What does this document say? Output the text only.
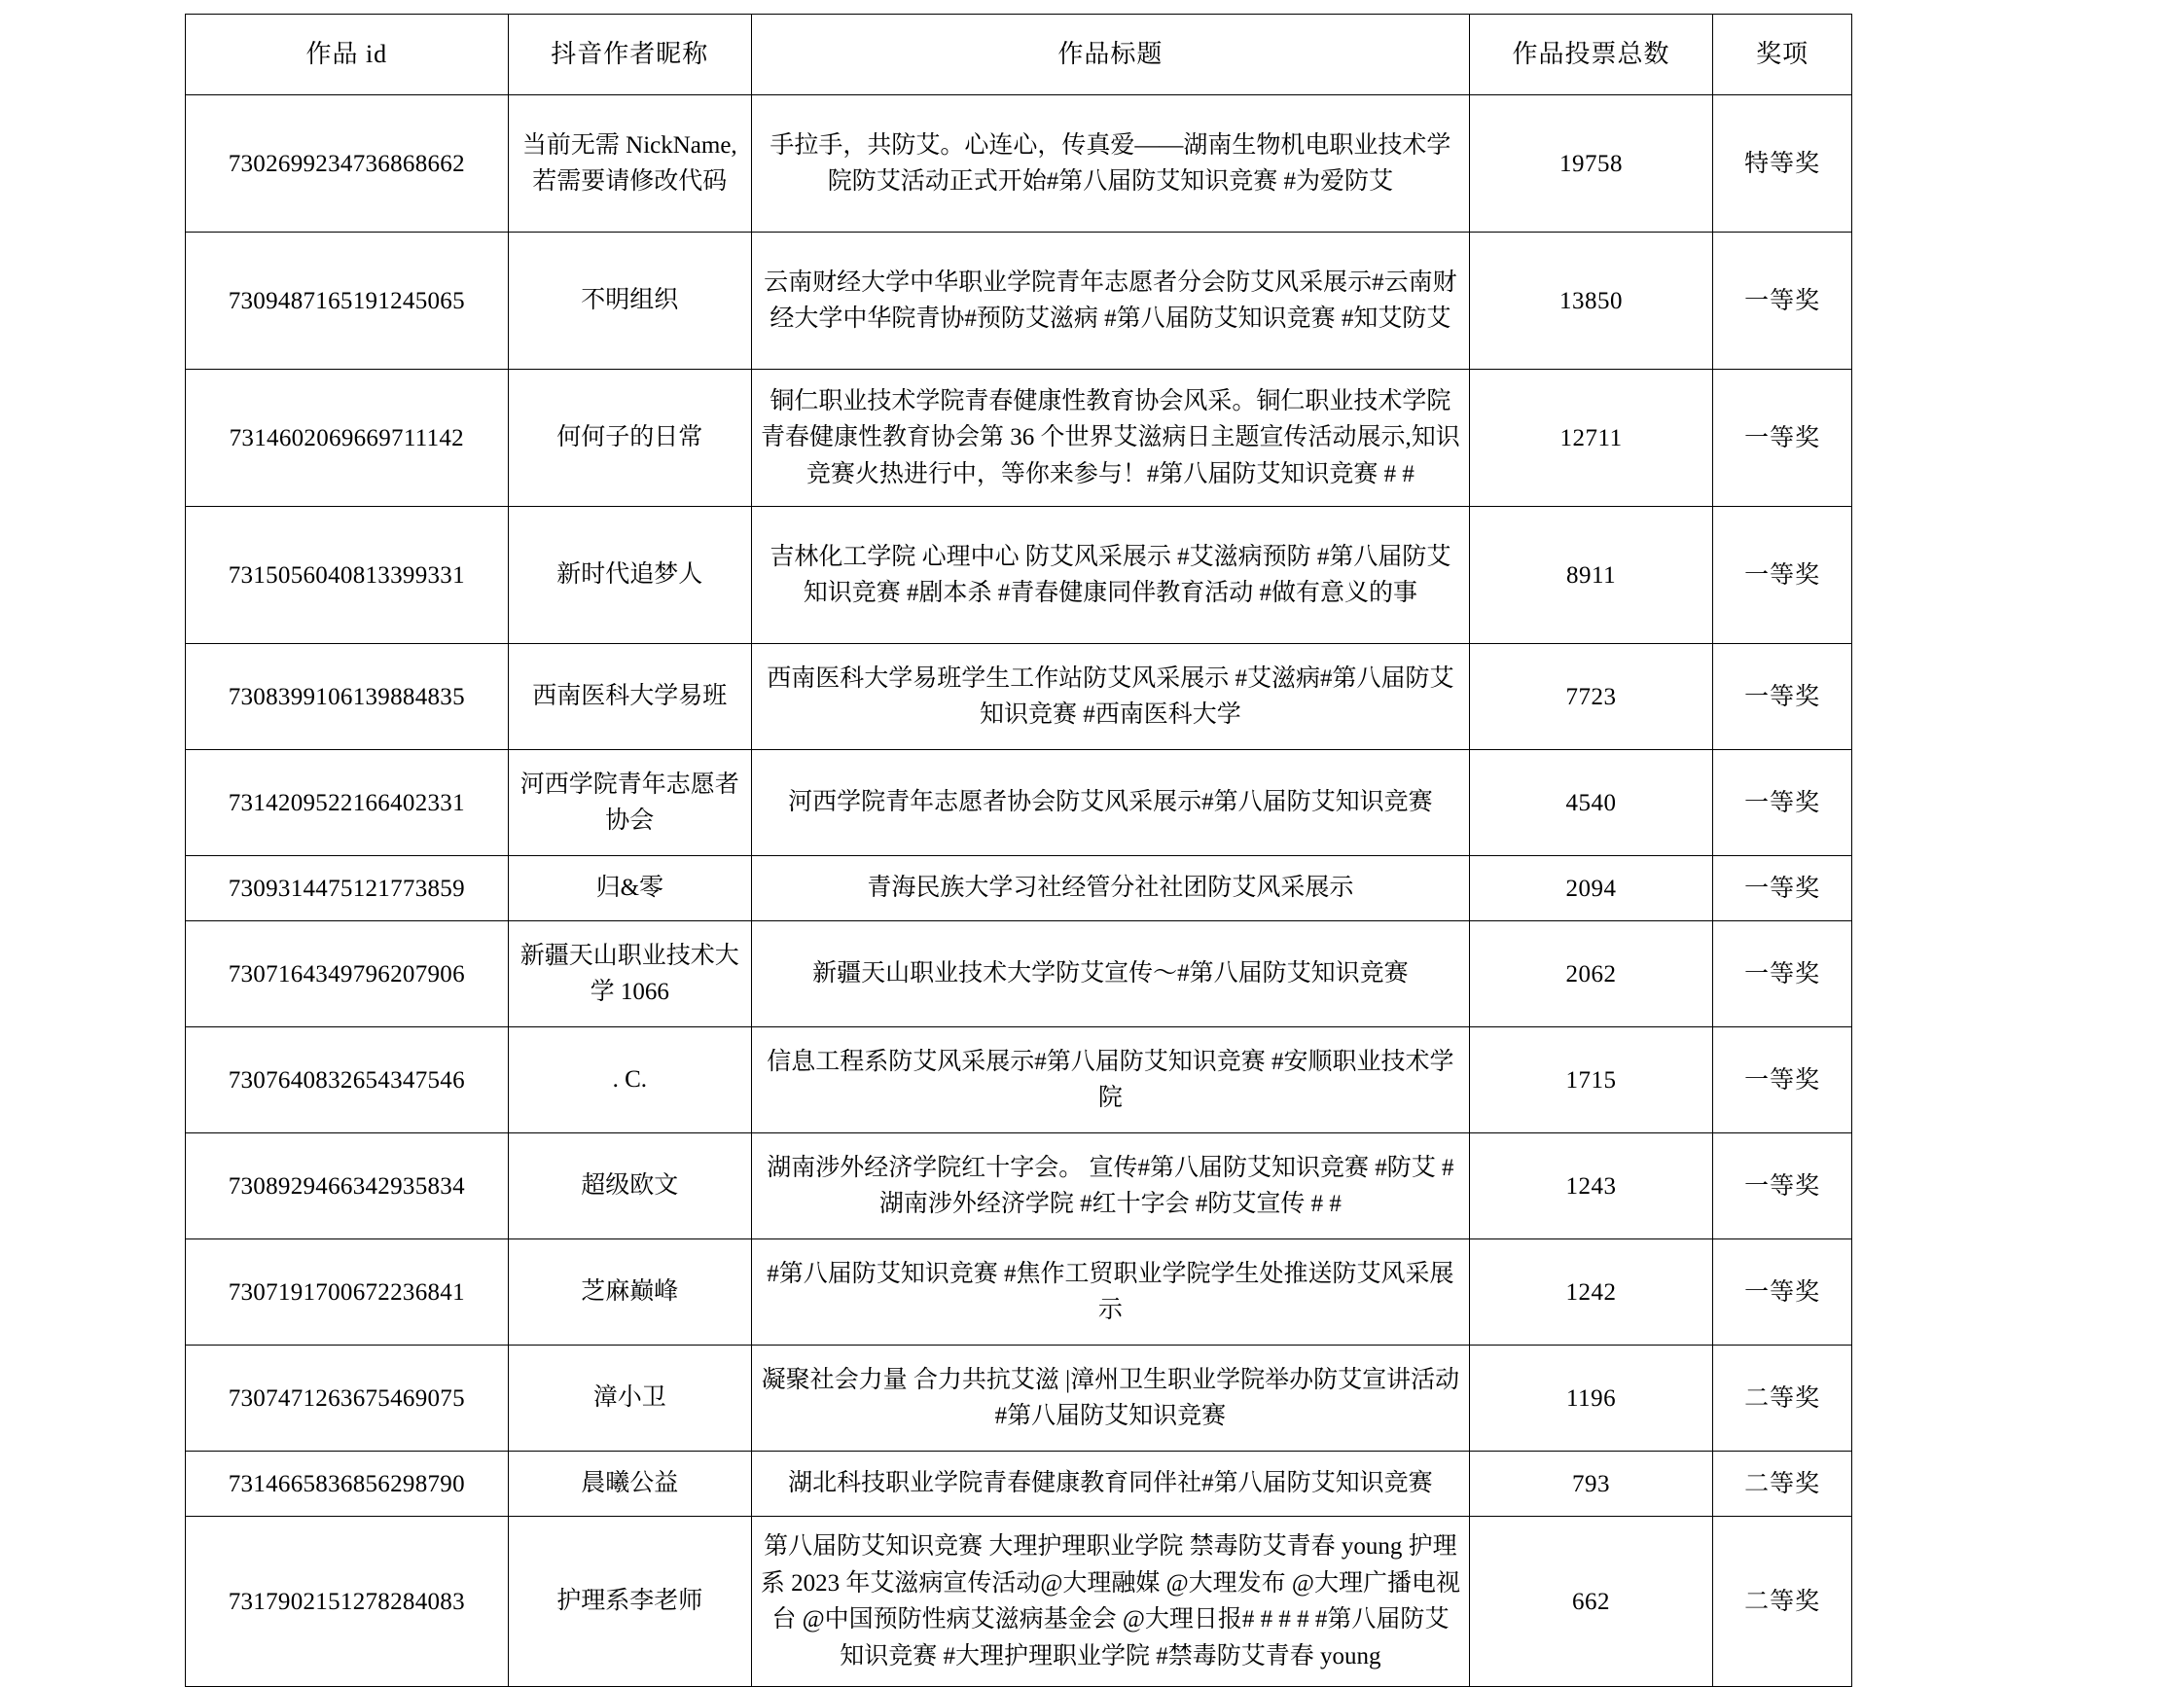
作品 id	抖音作者昵称	作品标题	作品投票总数	奖项
7302699234736868662	当前无需 NickName,若需要请修改代码	手拉手，共防艾。心连心，传真爱——湖南生物机电职业技术学院防艾活动正式开始#第八届防艾知识竞赛 #为爱防艾	19758	特等奖
7309487165191245065	不明组织	云南财经大学中华职业学院青年志愿者分会防艾风采展示#云南财经大学中华院青协#预防艾滋病 #第八届防艾知识竞赛 #知艾防艾	13850	一等奖
7314602069669711142	何何子的日常	铜仁职业技术学院青春健康性教育协会风采。铜仁职业技术学院青春健康性教育协会第 36 个世界艾滋病日主题宣传活动展示,知识竞赛火热进行中，等你来参与！#第八届防艾知识竞赛 # #	12711	一等奖
7315056040813399331	新时代追梦人	吉林化工学院 心理中心 防艾风采展示 #艾滋病预防 #第八届防艾知识竞赛 #剧本杀 #青春健康同伴教育活动 #做有意义的事	8911	一等奖
7308399106139884835	西南医科大学易班	西南医科大学易班学生工作站防艾风采展示 #艾滋病#第八届防艾知识竞赛 #西南医科大学	7723	一等奖
7314209522166402331	河西学院青年志愿者协会	河西学院青年志愿者协会防艾风采展示#第八届防艾知识竞赛	4540	一等奖
7309314475121773859	归&零	青海民族大学习社经管分社社团防艾风采展示	2094	一等奖
7307164349796207906	新疆天山职业技术大学 1066	新疆天山职业技术大学防艾宣传～#第八届防艾知识竞赛	2062	一等奖
7307640832654347546	. C.	信息工程系防艾风采展示#第八届防艾知识竞赛 #安顺职业技术学院	1715	一等奖
7308929466342935834	超级欧文	湖南涉外经济学院红十字会。 宣传#第八届防艾知识竞赛 #防艾 #湖南涉外经济学院 #红十字会 #防艾宣传 # #	1243	一等奖
7307191700672236841	芝麻巅峰	#第八届防艾知识竞赛 #焦作工贸职业学院学生处推送防艾风采展示	1242	一等奖
7307471263675469075	漳小卫	凝聚社会力量 合力共抗艾滋 |漳州卫生职业学院举办防艾宣讲活动 #第八届防艾知识竞赛	1196	二等奖
7314665836856298790	晨曦公益	湖北科技职业学院青春健康教育同伴社#第八届防艾知识竞赛	793	二等奖
7317902151278284083	护理系李老师	第八届防艾知识竞赛 大理护理职业学院 禁毒防艾青春 young 护理系 2023 年艾滋病宣传活动@大理融媒 @大理发布 @大理广播电视台 @中国预防性病艾滋病基金会 @大理日报# # # # #第八届防艾知识竞赛 #大理护理职业学院 #禁毒防艾青春 young	662	二等奖
